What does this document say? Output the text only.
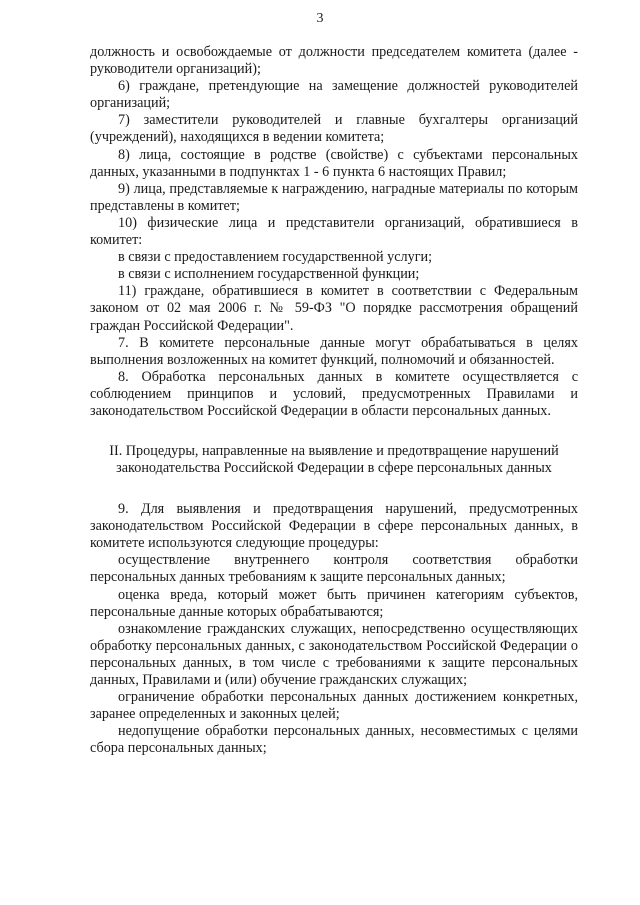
3

должность и освобождаемые от должности председателем комитета (далее - руководители организаций);

6) граждане, претендующие на замещение должностей руководителей организаций;

7) заместители руководителей и главные бухгалтеры организаций (учреждений), находящихся в ведении комитета;

8) лица, состоящие в родстве (свойстве) с субъектами персональных данных, указанными в подпунктах 1 - 6 пункта 6 настоящих Правил;

9) лица, представляемые к награждению, наградные материалы по которым представлены в комитет;

10) физические лица и представители организаций, обратившиеся в комитет:

в связи с предоставлением государственной услуги;

в связи с исполнением государственной функции;

11) граждане, обратившиеся в комитет в соответствии с Федеральным законом от 02 мая 2006 г. № 59-ФЗ "О порядке рассмотрения обращений граждан Российской Федерации".

7. В комитете персональные данные могут обрабатываться в целях выполнения возложенных на комитет функций, полномочий и обязанностей.

8. Обработка персональных данных в комитете осуществляется с соблюдением принципов и условий, предусмотренных Правилами и законодательством Российской Федерации в области персональных данных.

II. Процедуры, направленные на выявление и предотвращение нарушений законодательства Российской Федерации в сфере персональных данных

9. Для выявления и предотвращения нарушений, предусмотренных законодательством Российской Федерации в сфере персональных данных, в комитете используются следующие процедуры:

осуществление внутреннего контроля соответствия обработки персональных данных требованиям к защите персональных данных;

оценка вреда, который может быть причинен категориям субъектов, персональные данные которых обрабатываются;

ознакомление гражданских служащих, непосредственно осуществляющих обработку персональных данных, с законодательством Российской Федерации о персональных данных, в том числе с требованиями к защите персональных данных, Правилами и (или) обучение гражданских служащих;

ограничение обработки персональных данных достижением конкретных, заранее определенных и законных целей;

недопущение обработки персональных данных, несовместимых с целями сбора персональных данных;
